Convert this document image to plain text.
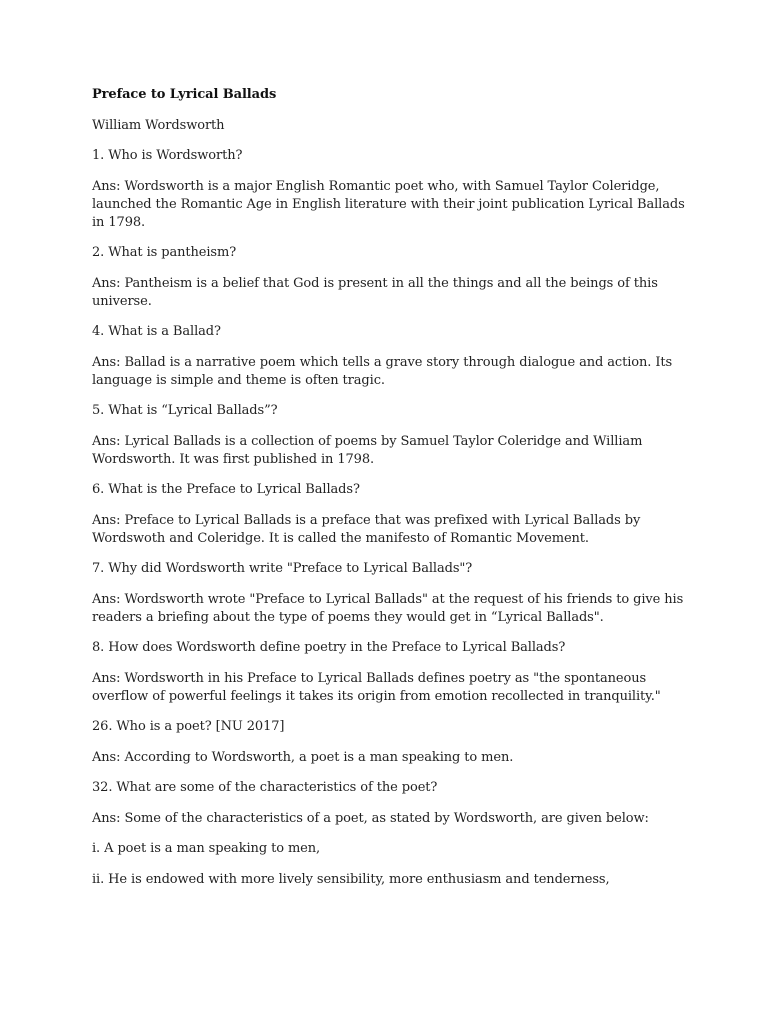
Preface to Lyrical Ballads

William Wordsworth

1. Who is Wordsworth?

Ans: Wordsworth is a major English Romantic poet who, with Samuel Taylor Coleridge, launched the Romantic Age in English literature with their joint publication Lyrical Ballads in 1798.

2. What is pantheism?

Ans: Pantheism is a belief that God is present in all the things and all the beings of this universe.

4. What is a Ballad?

Ans: Ballad is a narrative poem which tells a grave story through dialogue and action. Its language is simple and theme is often tragic.

5. What is “Lyrical Ballads”?

Ans: Lyrical Ballads is a collection of poems by Samuel Taylor Coleridge and William Wordsworth. It was first published in 1798.

6. What is the Preface to Lyrical Ballads?

Ans: Preface to Lyrical Ballads is a preface that was prefixed with Lyrical Ballads by Wordswoth and Coleridge. It is called the manifesto of Romantic Movement.

7. Why did Wordsworth write "Preface to Lyrical Ballads"?

Ans: Wordsworth wrote "Preface to Lyrical Ballads" at the request of his friends to give his readers a briefing about the type of poems they would get in “Lyrical Ballads".

8. How does Wordsworth define poetry in the Preface to Lyrical Ballads?

Ans: Wordsworth in his Preface to Lyrical Ballads defines poetry as "the spontaneous overflow of powerful feelings it takes its origin from emotion recollected in tranquility."

26. Who is a poet? [NU 2017]

Ans: According to Wordsworth, a poet is a man speaking to men.

32. What are some of the characteristics of the poet?

Ans: Some of the characteristics of a poet, as stated by Wordsworth, are given below:

i. A poet is a man speaking to men,

ii. He is endowed with more lively sensibility, more enthusiasm and tenderness,
